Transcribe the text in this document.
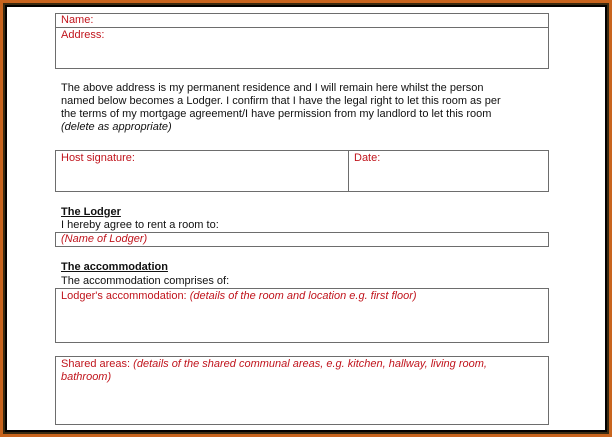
Name:
Address:
The above address is my permanent residence and I will remain here whilst the person
named below becomes a Lodger. I confirm that I have the legal right to let this room as per
the terms of my mortgage agreement/I have permission from my landlord to let this room
(delete as appropriate)
Host signature:	Date:
The Lodger
I hereby agree to rent a room to:
(Name of Lodger)
The accommodation
The accommodation comprises of:
Lodger's accommodation: (details of the room and location e.g. first floor)
Shared areas: (details of the shared communal areas, e.g. kitchen, hallway, living room,
bathroom)
